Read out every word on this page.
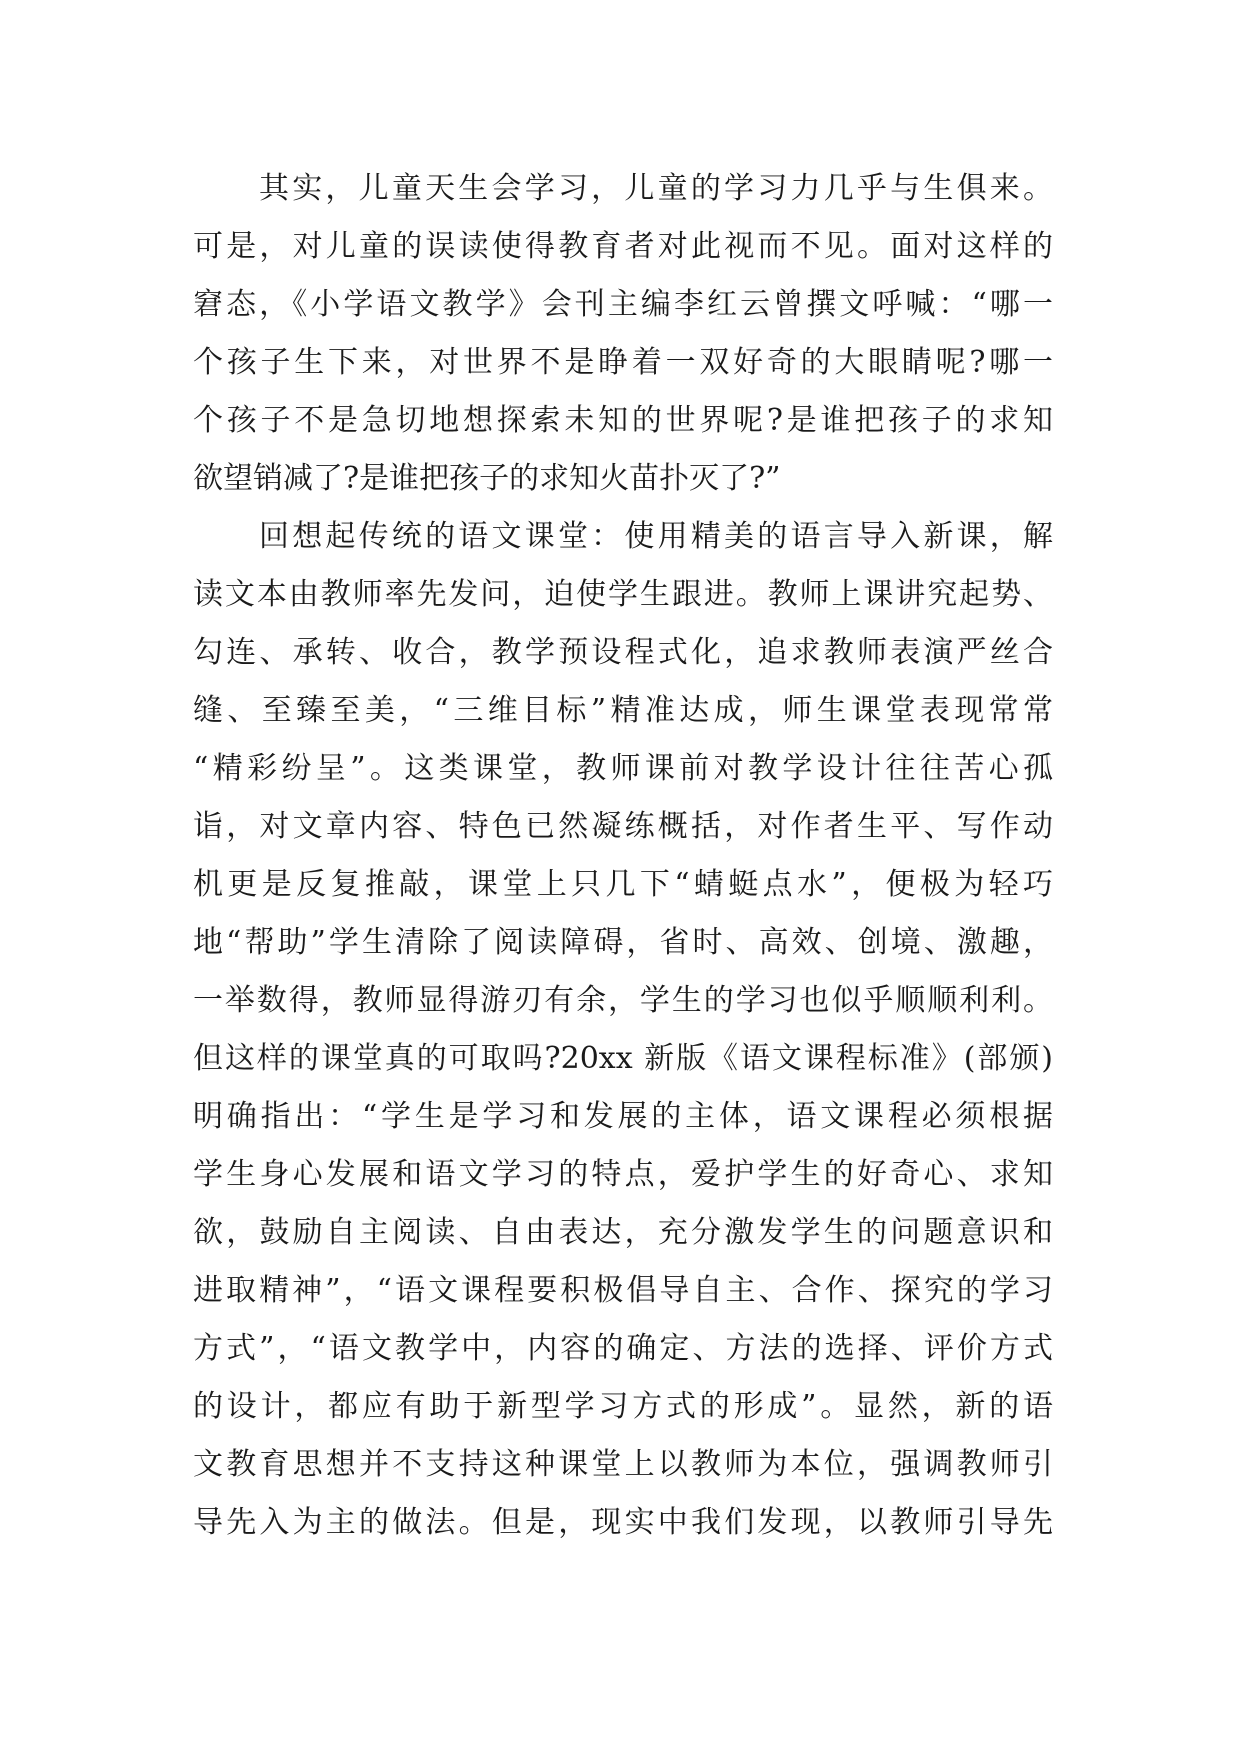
其实，儿童天生会学习，儿童的学习力几乎与生俱来。
可是，对儿童的误读使得教育者对此视而不见。面对这样的
窘态，《小学语文教学》会刊主编李红云曾撰文呼喊：“哪一
个孩子生下来，对世界不是睁着一双好奇的大眼睛呢?哪一
个孩子不是急切地想探索未知的世界呢?是谁把孩子的求知
欲望销减了?是谁把孩子的求知火苗扑灭了?”
回想起传统的语文课堂：使用精美的语言导入新课，解
读文本由教师率先发问，迫使学生跟进。教师上课讲究起势、
勾连、承转、收合，教学预设程式化，追求教师表演严丝合
缝、至臻至美，“三维目标”精准达成，师生课堂表现常常
“精彩纷呈”。这类课堂，教师课前对教学设计往往苦心孤
诣，对文章内容、特色已然凝练概括，对作者生平、写作动
机更是反复推敲，课堂上只几下“蜻蜓点水”，便极为轻巧
地“帮助”学生清除了阅读障碍，省时、高效、创境、激趣，
一举数得，教师显得游刃有余，学生的学习也似乎顺顺利利。
但这样的课堂真的可取吗?20xx 新版《语文课程标准》(部颁)
明确指出：“学生是学习和发展的主体，语文课程必须根据
学生身心发展和语文学习的特点，爱护学生的好奇心、求知
欲，鼓励自主阅读、自由表达，充分激发学生的问题意识和
进取精神”，“语文课程要积极倡导自主、合作、探究的学习
方式”，“语文教学中，内容的确定、方法的选择、评价方式
的设计，都应有助于新型学习方式的形成”。显然，新的语
文教育思想并不支持这种课堂上以教师为本位，强调教师引
导先入为主的做法。但是，现实中我们发现，以教师引导先
